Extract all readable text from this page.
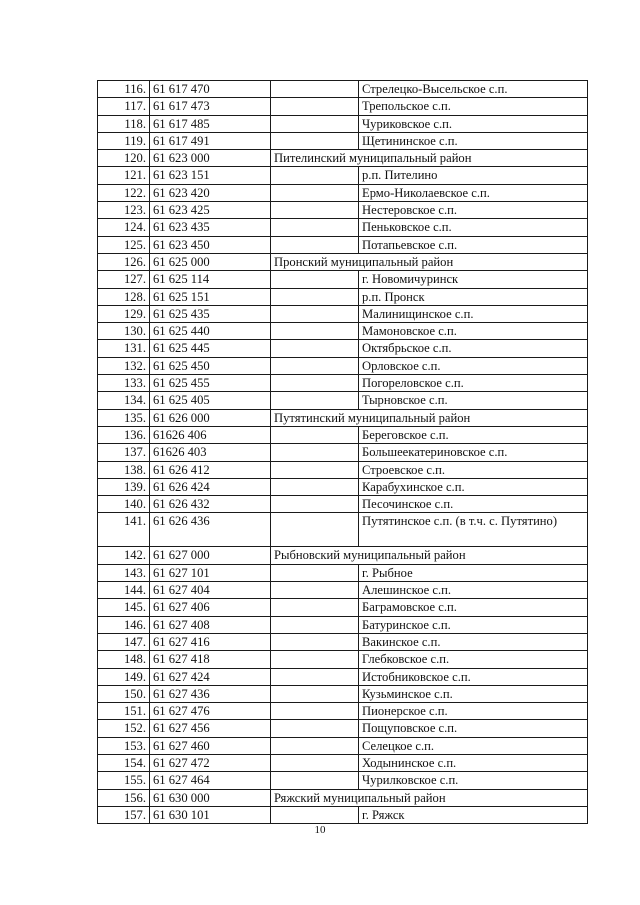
116.	61 617 470		Стрелецко-Высельское с.п.
117.	61 617 473		Трепольское с.п.
118.	61 617 485		Чуриковское с.п.
119.	61 617 491		Щетининское с.п.
120.	61 623 000	Пителинский муниципальный район	
121.	61 623 151		р.п. Пителино
122.	61 623 420		Ермо-Николаевское с.п.
123.	61 623 425		Нестеровское с.п.
124.	61 623 435		Пеньковское с.п.
125.	61 623 450		Потапьевское с.п.
126.	61 625 000	Пронский муниципальный район	
127.	61 625 114		г. Новомичуринск
128.	61 625 151		р.п. Пронск
129.	61 625 435		Малинищинское с.п.
130.	61 625 440		Мамоновское с.п.
131.	61 625 445		Октябрьское с.п.
132.	61 625 450		Орловское с.п.
133.	61 625 455		Погореловское с.п.
134.	61 625 405		Тырновское с.п.
135.	61 626 000	Путятинский муниципальный район	
136.	61626 406		Береговское с.п.
137.	61626 403		Большеекатериновское с.п.
138.	61 626 412		Строевское с.п.
139.	61 626 424		Карабухинское с.п.
140.	61 626 432		Песочинское с.п.
141.	61 626 436		Путятинское с.п. (в т.ч. с. Путятино)
142.	61 627 000	Рыбновский муниципальный район	
143.	61 627 101		г. Рыбное
144.	61 627 404		Алешинское с.п.
145.	61 627 406		Баграмовское с.п.
146.	61 627 408		Батуринское с.п.
147.	61 627 416		Вакинское с.п.
148.	61 627 418		Глебковское с.п.
149.	61 627 424		Истобниковское с.п.
150.	61 627 436		Кузьминское с.п.
151.	61 627 476		Пионерское с.п.
152.	61 627 456		Пощуповское с.п.
153.	61 627 460		Селецкое с.п.
154.	61 627 472		Ходынинское с.п.
155.	61 627 464		Чурилковское с.п.
156.	61 630 000	Ряжский муниципальный район	
157.	61 630 101		г. Ряжск
10
